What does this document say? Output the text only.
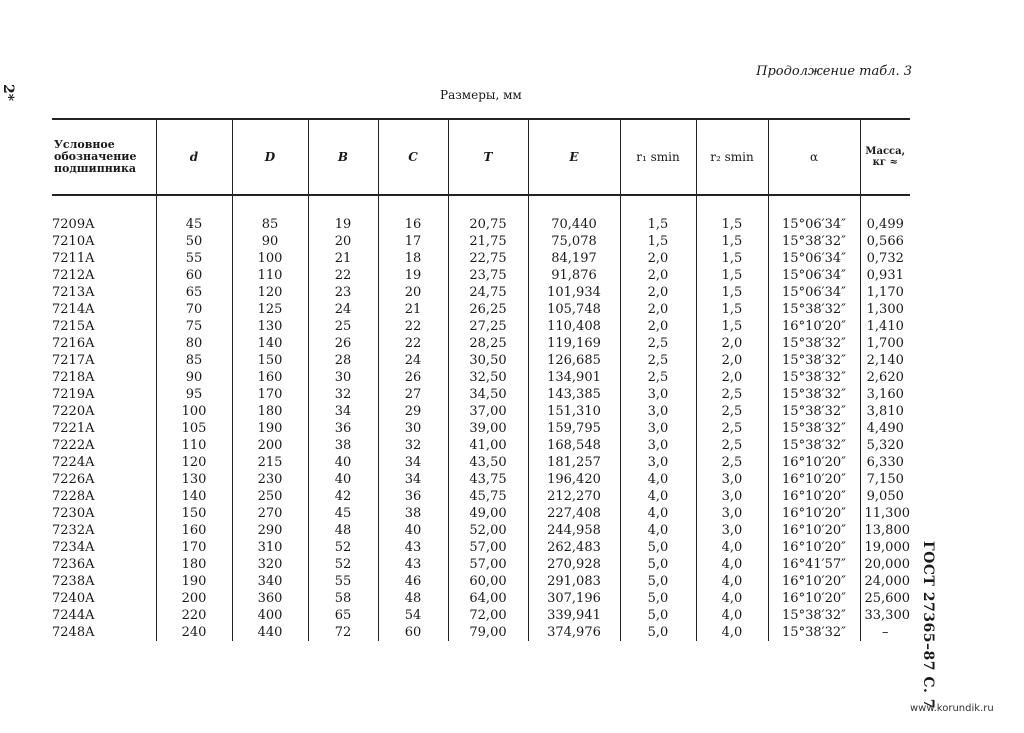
2*
Продолжение табл. 3
Размеры, мм
Условное обозначение подшипника	d	D	B	C	T	E	r₁ smin	r₂ smin	α	Масса, кг ≈

7209A	45	85	19	16	20,75	70,440	1,5	1,5	15°06′34″	0,499
7210A	50	90	20	17	21,75	75,078	1,5	1,5	15°38′32″	0,566
7211A	55	100	21	18	22,75	84,197	2,0	1,5	15°06′34″	0,732
7212A	60	110	22	19	23,75	91,876	2,0	1,5	15°06′34″	0,931
7213A	65	120	23	20	24,75	101,934	2,0	1,5	15°06′34″	1,170
7214A	70	125	24	21	26,25	105,748	2,0	1,5	15°38′32″	1,300
7215A	75	130	25	22	27,25	110,408	2,0	1,5	16°10′20″	1,410
7216A	80	140	26	22	28,25	119,169	2,5	2,0	15°38′32″	1,700
7217A	85	150	28	24	30,50	126,685	2,5	2,0	15°38′32″	2,140
7218A	90	160	30	26	32,50	134,901	2,5	2,0	15°38′32″	2,620
7219A	95	170	32	27	34,50	143,385	3,0	2,5	15°38′32″	3,160
7220A	100	180	34	29	37,00	151,310	3,0	2,5	15°38′32″	3,810
7221A	105	190	36	30	39,00	159,795	3,0	2,5	15°38′32″	4,490
7222A	110	200	38	32	41,00	168,548	3,0	2,5	15°38′32″	5,320
7224A	120	215	40	34	43,50	181,257	3,0	2,5	16°10′20″	6,330
7226A	130	230	40	34	43,75	196,420	4,0	3,0	16°10′20″	7,150
7228A	140	250	42	36	45,75	212,270	4,0	3,0	16°10′20″	9,050
7230A	150	270	45	38	49,00	227,408	4,0	3,0	16°10′20″	11,300
7232A	160	290	48	40	52,00	244,958	4,0	3,0	16°10′20″	13,800
7234A	170	310	52	43	57,00	262,483	5,0	4,0	16°10′20″	19,000
7236A	180	320	52	43	57,00	270,928	5,0	4,0	16°41′57″	20,000
7238A	190	340	55	46	60,00	291,083	5,0	4,0	16°10′20″	24,000
7240A	200	360	58	48	64,00	307,196	5,0	4,0	16°10′20″	25,600
7244A	220	400	65	54	72,00	339,941	5,0	4,0	15°38′32″	33,300
7248A	240	440	72	60	79,00	374,976	5,0	4,0	15°38′32″	– ГОСТ 27365–87 С. 7
www.korundik.ru
